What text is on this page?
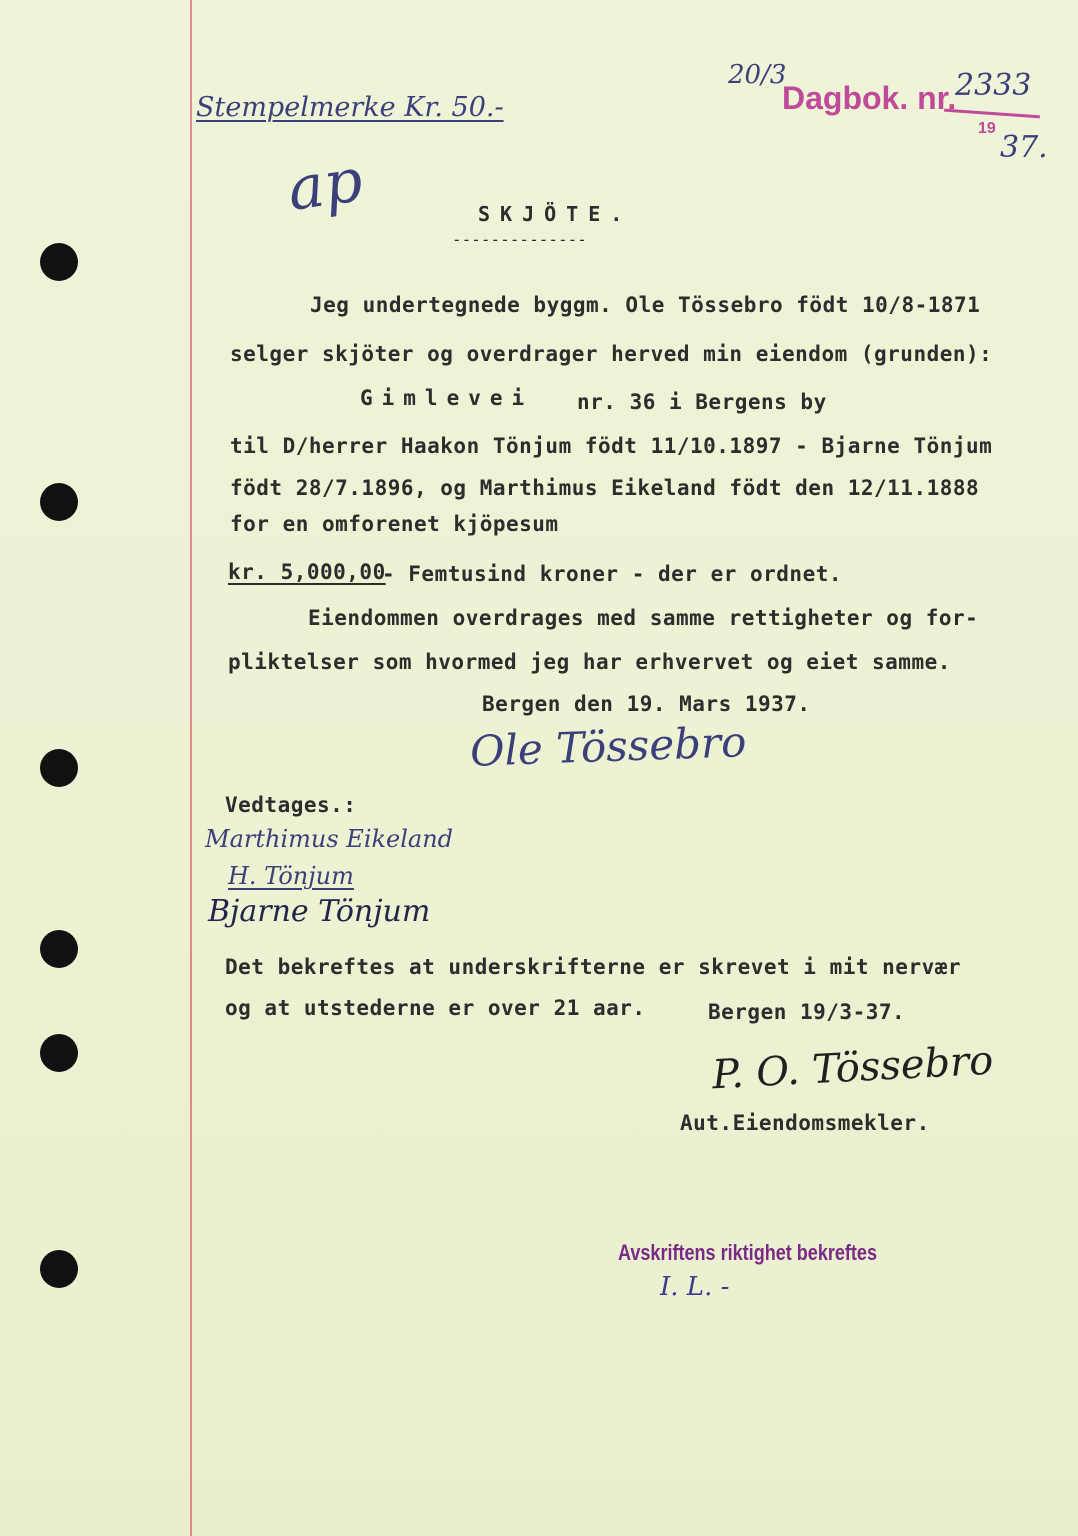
Stempelmerke Kr. 50.-
ap
20/3
Dagbok. nr.
2333
19
37.
SKJÖTE.
--------------
Jeg undertegnede byggm. Ole Tössebro födt 10/8-1871
selger skjöter og overdrager herved min eiendom (grunden):
Gimlevei nr. 36 i Bergens by
til D/herrer Haakon Tönjum födt 11/10.1897 - Bjarne Tönjum
födt 28/7.1896, og Marthimus Eikeland födt den 12/11.1888
for en omforenet kjöpesum
kr. 5,000,00
- Femtusind kroner - der er ordnet.
Eiendommen overdrages med samme rettigheter og for-
pliktelser som hvormed jeg har erhvervet og eiet samme.
Bergen den 19. Mars 1937.
Ole Tössebro
Vedtages.:
Marthimus Eikeland
H. Tönjum
Bjarne Tönjum
Det bekreftes at underskrifterne er skrevet i mit nervær
og at utstederne er over 21 aar.	Bergen 19/3-37.
P. O. Tössebro
Aut.Eiendomsmekler.
Avskriftens riktighet bekreftes
I. L. -
